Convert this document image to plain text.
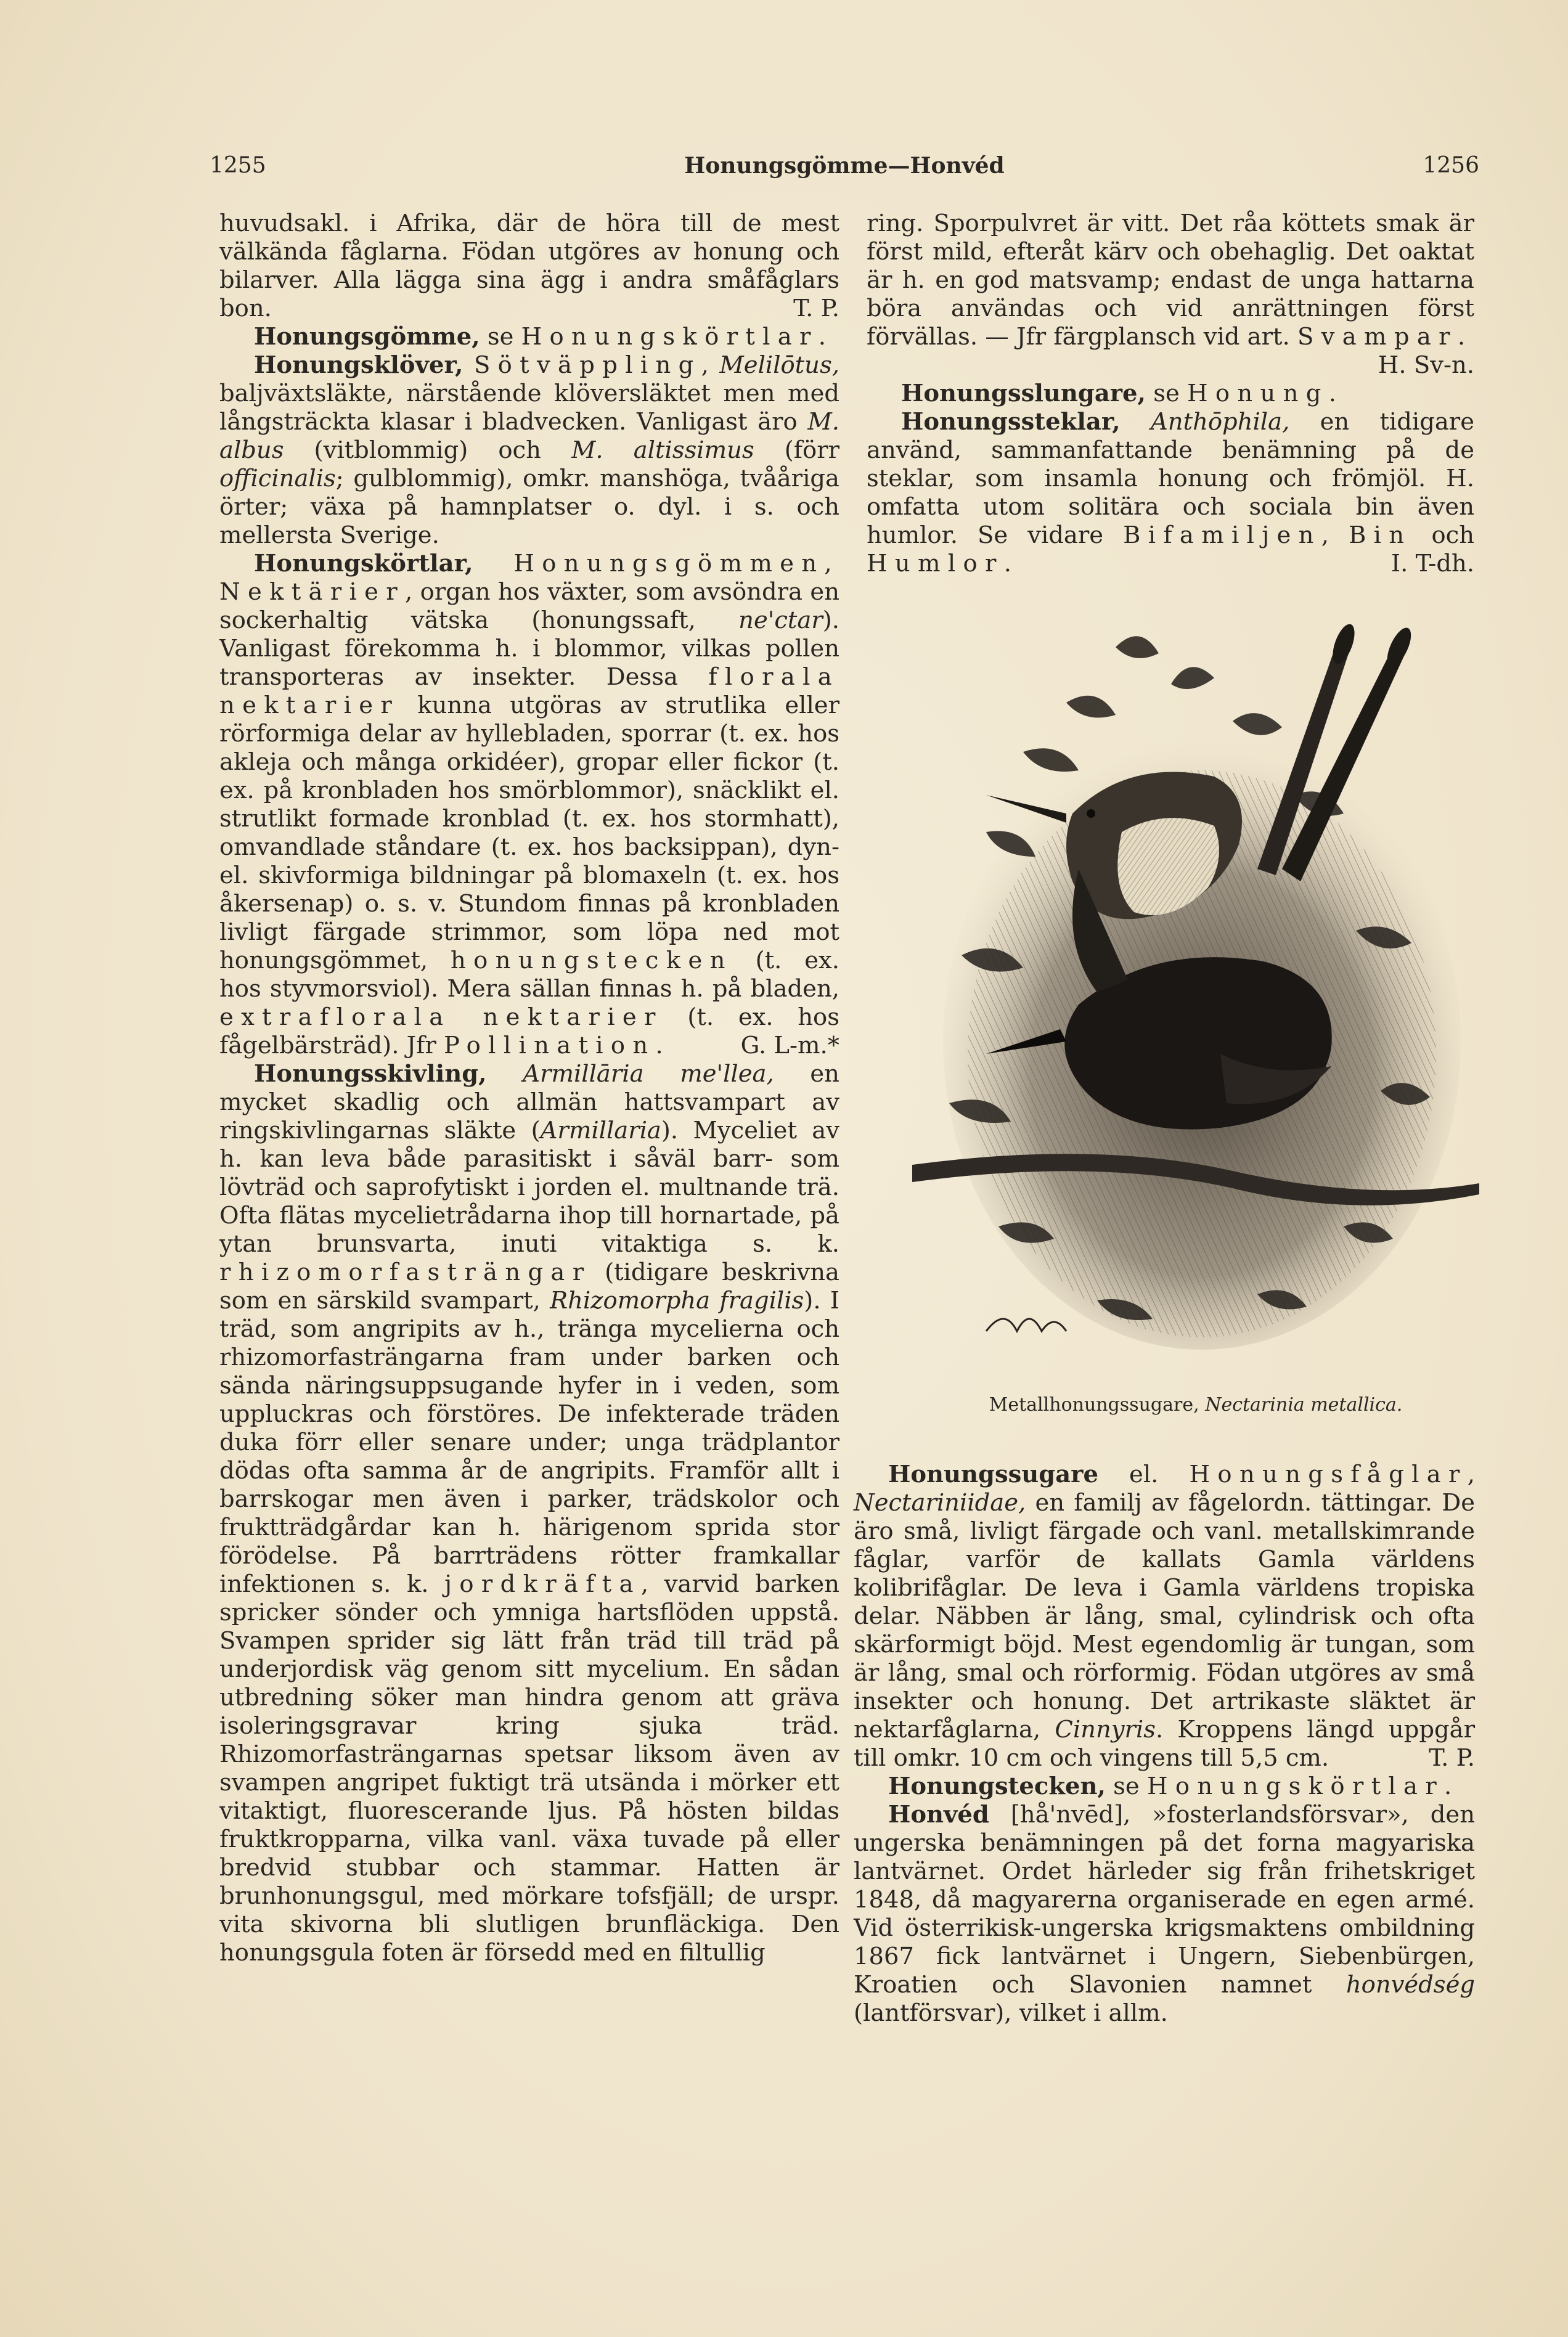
1255	Honungsgömme—Honvéd	1256

huvudsakl. i Afrika, där de höra till de mest välkända fåglarna. Födan utgöres av honung och bilarver. Alla lägga sina ägg i andra småfåglars bon.	T. P.

Honungsgömme, se Honungskörtlar.

Honungsklöver, Sötväppling, Melilōtus, baljväxtsläkte, närstående klöversläktet men med långsträckta klasar i bladvecken. Vanligast äro M. albus (vitblommig) och M. altissimus (förr officinalis; gulblommig), omkr. manshöga, tvååriga örter; växa på hamnplatser o. dyl. i s. och mellersta Sverige.

Honungskörtlar, Honungsgömmen, Nektärier, organ hos växter, som avsöndra en sockerhaltig vätska (honungssaft, ne'ctar). Vanligast förekomma h. i blommor, vilkas pollen transporteras av insekter. Dessa florala nektarier kunna utgöras av strutlika eller rörformiga delar av hyllebladen, sporrar (t. ex. hos akleja och många orkidéer), gropar eller fickor (t. ex. på kronbladen hos smörblommor), snäcklikt el. strutlikt formade kronblad (t. ex. hos stormhatt), omvandlade ståndare (t. ex. hos backsippan), dyn- el. skivformiga bildningar på blomaxeln (t. ex. hos åkersenap) o. s. v. Stundom finnas på kronbladen livligt färgade strimmor, som löpa ned mot honungsgömmet, honungstecken (t. ex. hos styvmorsviol). Mera sällan finnas h. på bladen, extraflorala nektarier (t. ex. hos fågelbärsträd). Jfr Pollination.	G. L-m.*

Honungsskivling, Armillāria me'llea, en mycket skadlig och allmän hattsvampart av ringskivlingarnas släkte (Armillaria). Myceliet av h. kan leva både parasitiskt i såväl barr- som lövträd och saprofytiskt i jorden el. multnande trä. Ofta flätas mycelietrådarna ihop till hornartade, på ytan brunsvarta, inuti vitaktiga s. k. rhizomorfasträngar (tidigare beskrivna som en särskild svampart, Rhizomorpha fragilis). I träd, som angripits av h., tränga mycelierna och rhizomorfasträngarna fram under barken och sända näringsuppsugande hyfer in i veden, som uppluckras och förstöres. De infekterade träden duka förr eller senare under; unga trädplantor dödas ofta samma år de angripits. Framför allt i barrskogar men även i parker, trädskolor och fruktträdgårdar kan h. härigenom sprida stor förödelse. På barrträdens rötter framkallar infektionen s. k. jordkräfta, varvid barken spricker sönder och ymniga hartsflöden uppstå. Svampen sprider sig lätt från träd till träd på underjordisk väg genom sitt mycelium. En sådan utbredning söker man hindra genom att gräva isoleringsgravar kring sjuka träd. Rhizomorfasträngarnas spetsar liksom även av svampen angripet fuktigt trä utsända i mörker ett vitaktigt, fluorescerande ljus. På hösten bildas fruktkropparna, vilka vanl. växa tuvade på eller bredvid stubbar och stammar. Hatten är brunhonungsgul, med mörkare tofsfjäll; de urspr. vita skivorna bli slutligen brunfläckiga. Den honungsgula foten är försedd med en filtullig

ring. Sporpulvret är vitt. Det råa köttets smak är först mild, efteråt kärv och obehaglig. Det oaktat är h. en god matsvamp; endast de unga hattarna böra användas och vid anrättningen först förvällas. — Jfr färgplansch vid art. Svampar.
H. Sv-n.

Honungsslungare, se Honung.

Honungssteklar, Anthōphila, en tidigare använd, sammanfattande benämning på de steklar, som insamla honung och frömjöl. H. omfatta utom solitära och sociala bin även humlor. Se vidare Bifamiljen, Bin och Humlor.	I. T-dh.

Metallhonungssugare, Nectarinia metallica.

Honungssugare el. Honungsfåglar, Nectariniidae, en familj av fågelordn. tättingar. De äro små, livligt färgade och vanl. metallskimrande fåglar, varför de kallats Gamla världens kolibrifåglar. De leva i Gamla världens tropiska delar. Näbben är lång, smal, cylindrisk och ofta skärformigt böjd. Mest egendomlig är tungan, som är lång, smal och rörformig. Födan utgöres av små insekter och honung. Det artrikaste släktet är nektarfåglarna, Cinnyris. Kroppens längd uppgår till omkr. 10 cm och vingens till 5,5 cm.	T. P.

Honungstecken, se Honungskörtlar.

Honvéd [hå'nvēd], »fosterlandsförsvar», den ungerska benämningen på det forna magyariska lantvärnet. Ordet härleder sig från frihetskriget 1848, då magyarerna organiserade en egen armé. Vid österrikisk-ungerska krigsmaktens ombildning 1867 fick lantvärnet i Ungern, Siebenbürgen, Kroatien och Slavonien namnet honvédség (lantförsvar), vilket i allm.
